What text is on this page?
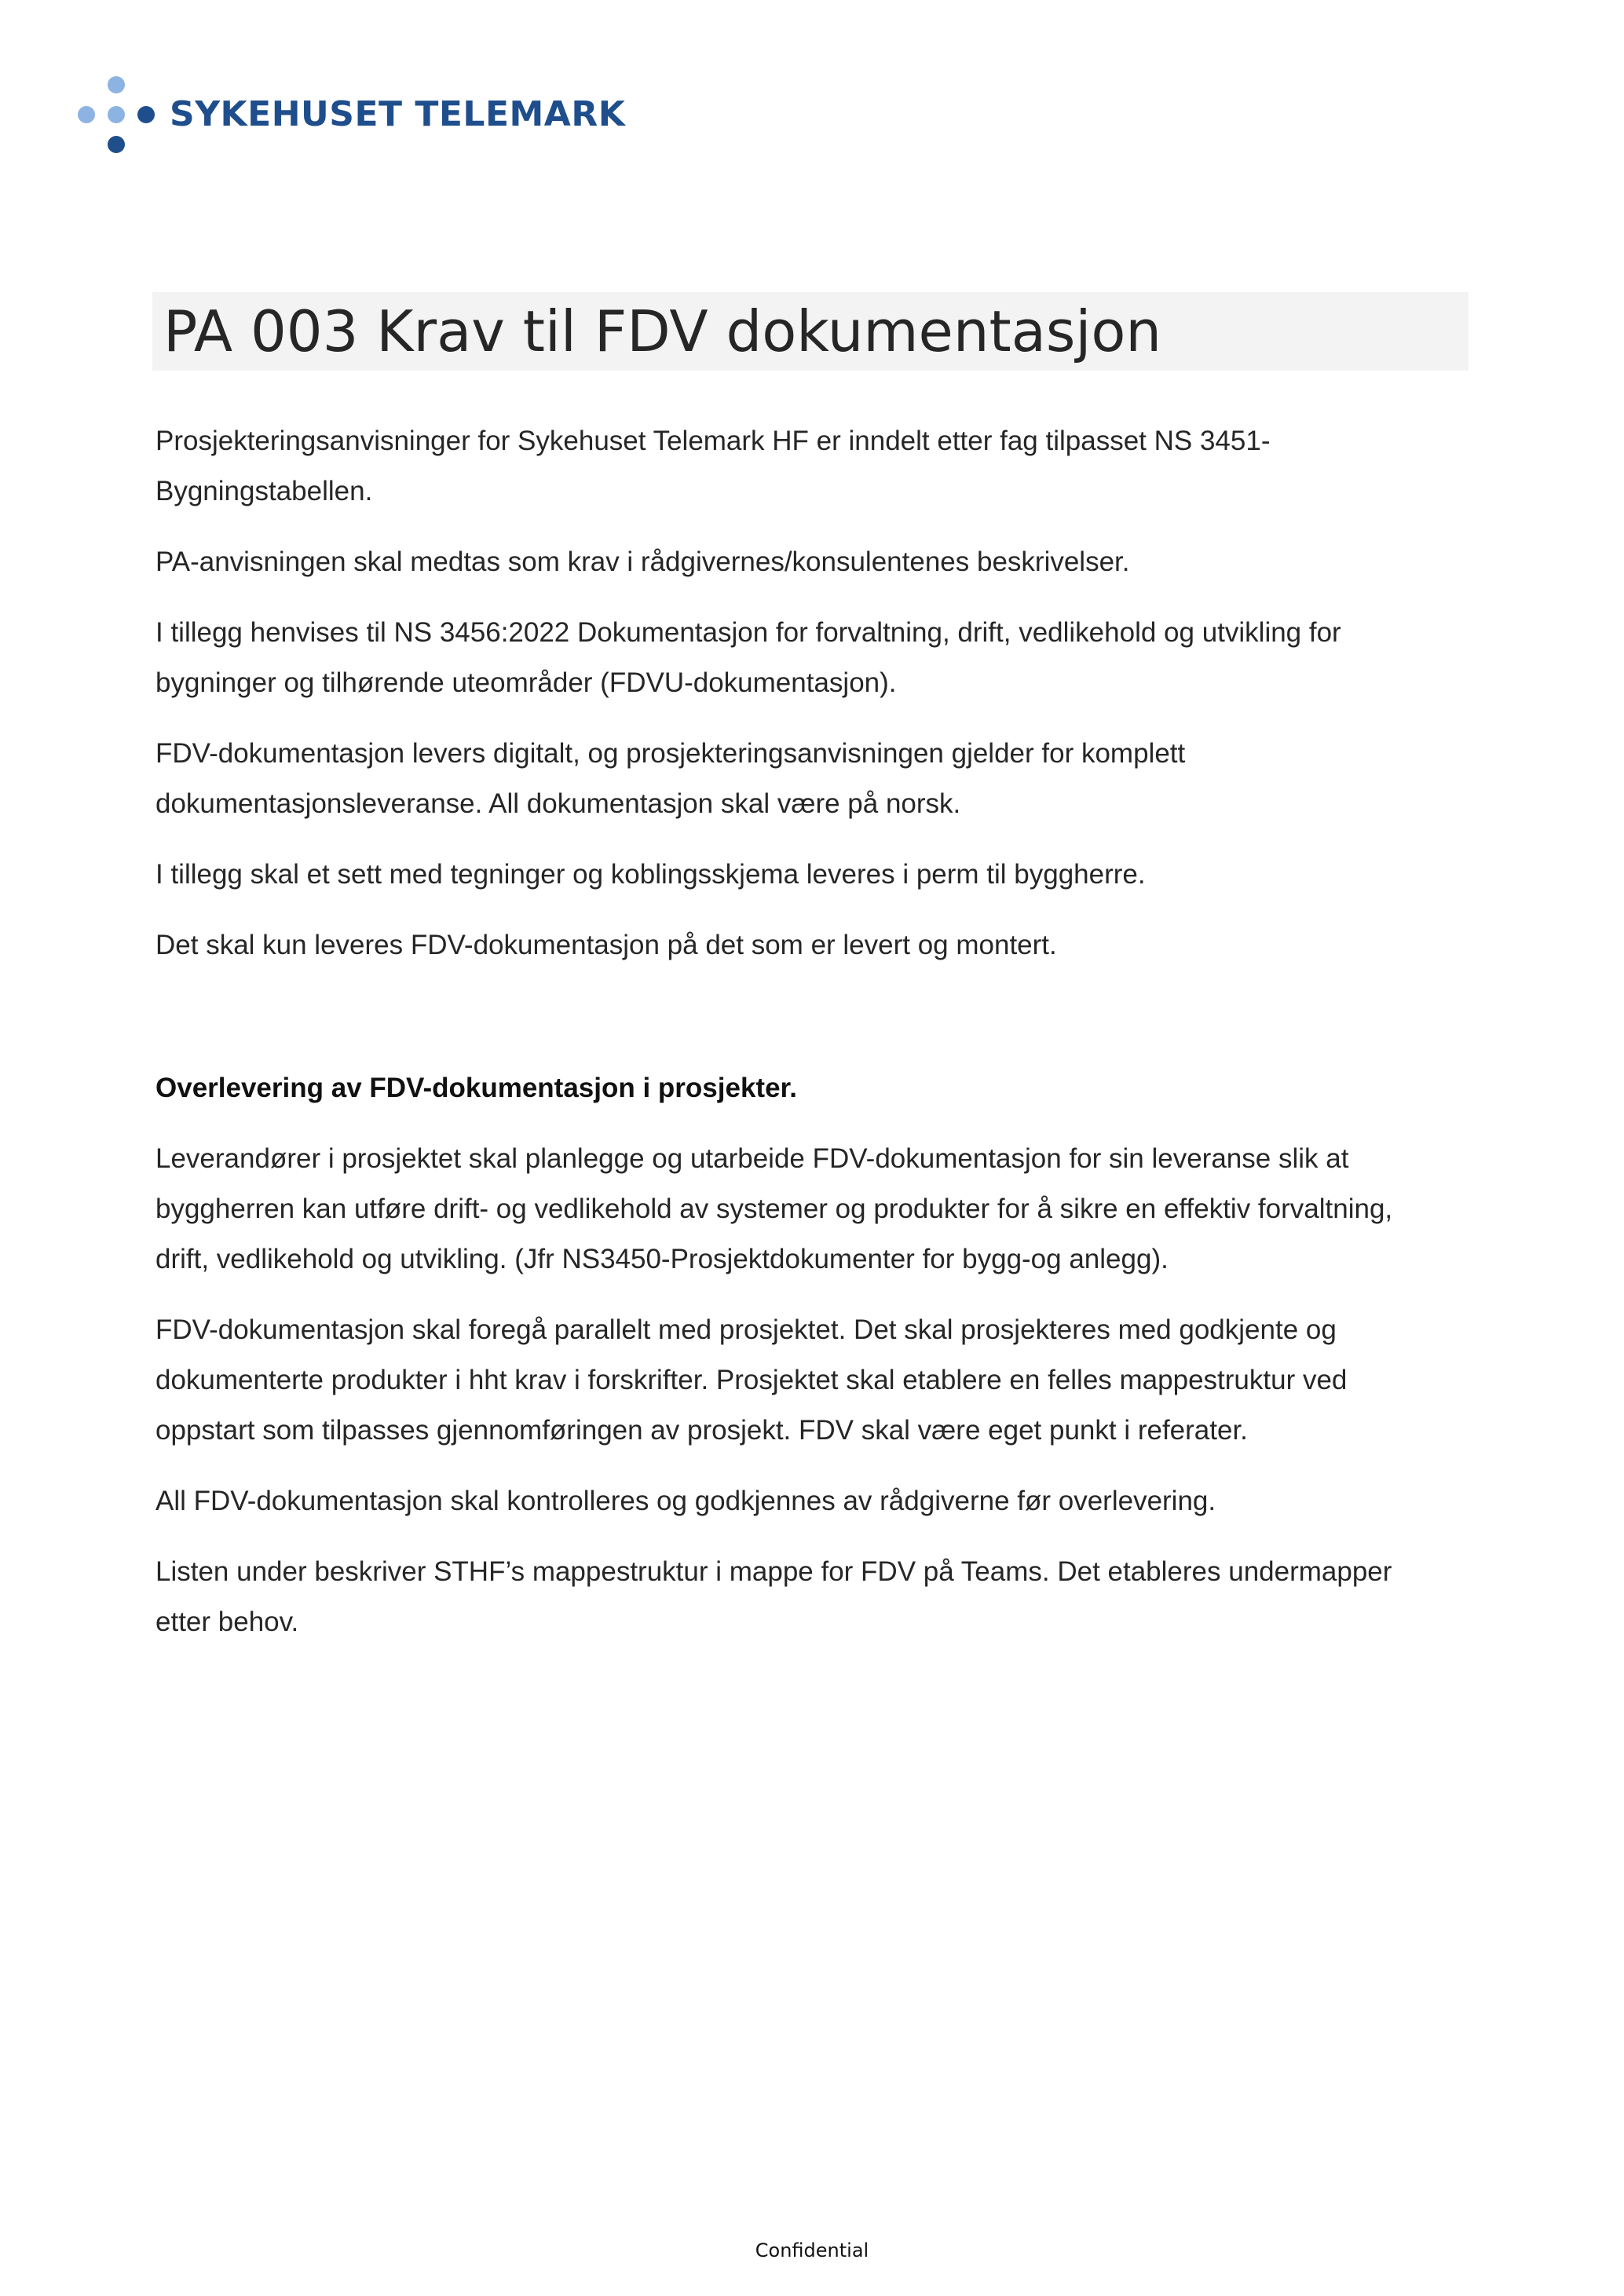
SYKEHUSET TELEMARK
PA 003 Krav til FDV dokumentasjon

Prosjekteringsanvisninger for Sykehuset Telemark HF er inndelt etter fag tilpasset NS 3451-Bygningstabellen.

PA-anvisningen skal medtas som krav i rådgivernes/konsulentenes beskrivelser.

I tillegg henvises til NS 3456:2022 Dokumentasjon for forvaltning, drift, vedlikehold og utvikling for bygninger og tilhørende uteområder (FDVU-dokumentasjon).

FDV-dokumentasjon levers digitalt, og prosjekteringsanvisningen gjelder for komplett dokumentasjonsleveranse. All dokumentasjon skal være på norsk.

I tillegg skal et sett med tegninger og koblingsskjema leveres i perm til byggherre.

Det skal kun leveres FDV-dokumentasjon på det som er levert og montert.

Overlevering av FDV-dokumentasjon i prosjekter.

Leverandører i prosjektet skal planlegge og utarbeide FDV-dokumentasjon for sin leveranse slik at byggherren kan utføre drift- og vedlikehold av systemer og produkter for å sikre en effektiv forvaltning, drift, vedlikehold og utvikling. (Jfr NS3450-Prosjektdokumenter for bygg-og anlegg).

FDV-dokumentasjon skal foregå parallelt med prosjektet. Det skal prosjekteres med godkjente og dokumenterte produkter i hht krav i forskrifter. Prosjektet skal etablere en felles mappestruktur ved oppstart som tilpasses gjennomføringen av prosjekt. FDV skal være eget punkt i referater.

All FDV-dokumentasjon skal kontrolleres og godkjennes av rådgiverne før overlevering.

Listen under beskriver STHF’s mappestruktur i mappe for FDV på Teams. Det etableres undermapper etter behov.

Confidential
